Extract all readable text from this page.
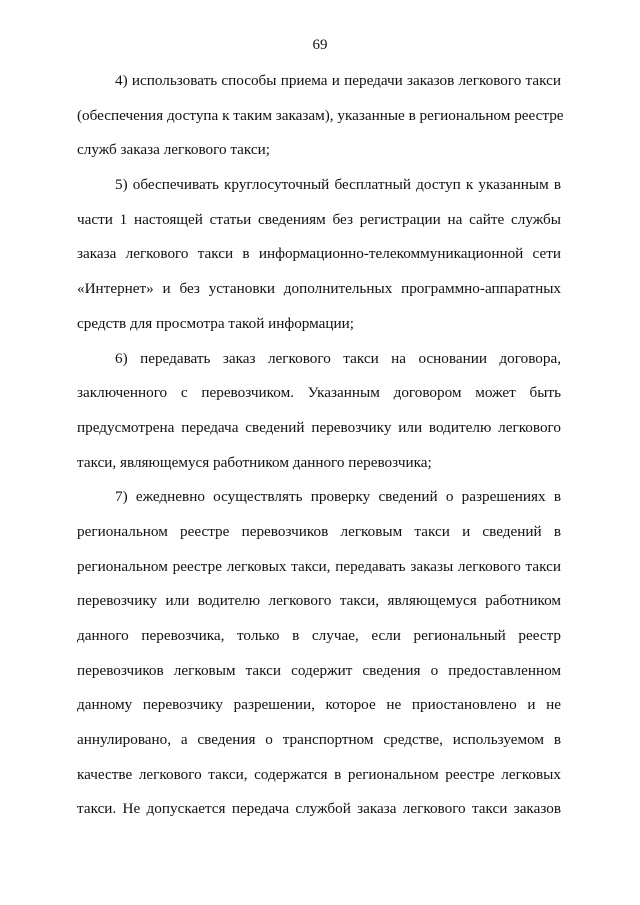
69
4) использовать способы приема и передачи заказов легкового такси
(обеспечения доступа к таким заказам), указанные в региональном реестре
служб заказа легкового такси;
5) обеспечивать круглосуточный бесплатный доступ к указанным в
части 1 настоящей статьи сведениям без регистрации на сайте службы
заказа легкового такси в информационно-телекоммуникационной сети
«Интернет» и без установки дополнительных программно-аппаратных
средств для просмотра такой информации;
6) передавать заказ легкового такси на основании договора,
заключенного с перевозчиком. Указанным договором может быть
предусмотрена передача сведений перевозчику или водителю легкового
такси, являющемуся работником данного перевозчика;
7) ежедневно осуществлять проверку сведений о разрешениях в
региональном реестре перевозчиков легковым такси и сведений в
региональном реестре легковых такси, передавать заказы легкового такси
перевозчику или водителю легкового такси, являющемуся работником
данного перевозчика, только в случае, если региональный реестр
перевозчиков легковым такси содержит сведения о предоставленном
данному перевозчику разрешении, которое не приостановлено и не
аннулировано, а сведения о транспортном средстве, используемом в
качестве легкового такси, содержатся в региональном реестре легковых
такси. Не допускается передача службой заказа легкового такси заказов
